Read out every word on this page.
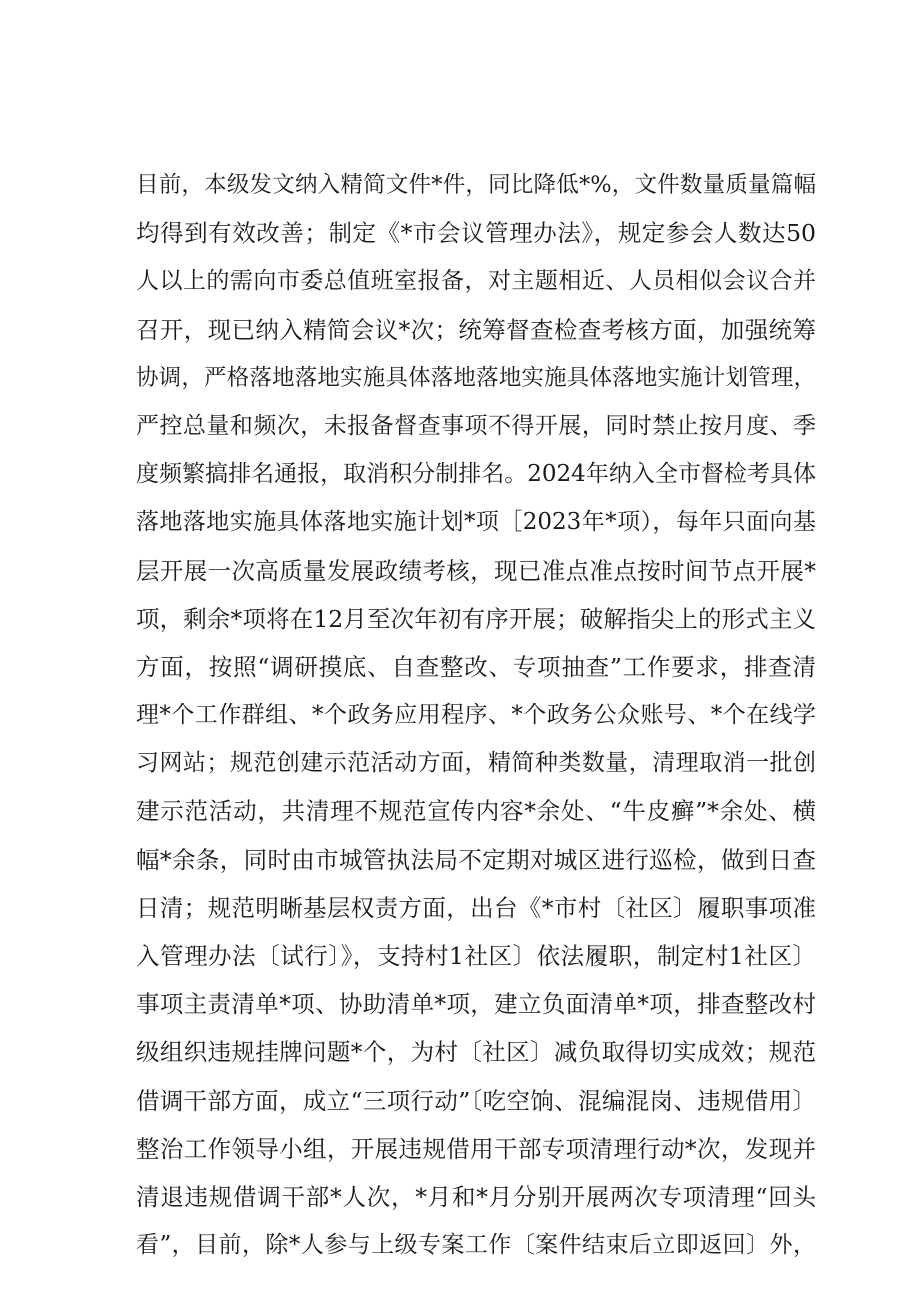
目前，本级发文纳入精简文件*件，同比降低*%，文件数量质量篇幅
均得到有效改善；制定《*市会议管理办法》，规定参会人数达50
人以上的需向市委总值班室报备，对主题相近、人员相似会议合并
召开，现已纳入精简会议*次；统筹督查检查考核方面，加强统筹
协调，严格落地落地实施具体落地落地实施具体落地实施计划管理，
严控总量和频次，未报备督查事项不得开展，同时禁止按月度、季
度频繁搞排名通报，取消积分制排名。2024年纳入全市督检考具体
落地落地实施具体落地实施计划*项［2023年*项），每年只面向基
层开展一次高质量发展政绩考核，现已准点准点按时间节点开展*
项，剩余*项将在12月至次年初有序开展；破解指尖上的形式主义
方面，按照“调研摸底、自查整改、专项抽查”工作要求，排查清
理*个工作群组、*个政务应用程序、*个政务公众账号、*个在线学
习网站；规范创建示范活动方面，精简种类数量，清理取消一批创
建示范活动，共清理不规范宣传内容*余处、“牛皮癣”*余处、横
幅*余条，同时由市城管执法局不定期对城区进行巡检，做到日查
日清；规范明晰基层权责方面，出台《*市村〔社区〕履职事项准
入管理办法〔试行〕》，支持村1社区〕依法履职，制定村1社区〕
事项主责清单*项、协助清单*项，建立负面清单*项，排查整改村
级组织违规挂牌问题*个，为村〔社区〕减负取得切实成效；规范
借调干部方面，成立“三项行动”〔吃空饷、混编混岗、违规借用〕
整治工作领导小组，开展违规借用干部专项清理行动*次，发现并
清退违规借调干部*人次，*月和*月分别开展两次专项清理“回头
看”，目前，除*人参与上级专案工作〔案件结束后立即返回〕外，
